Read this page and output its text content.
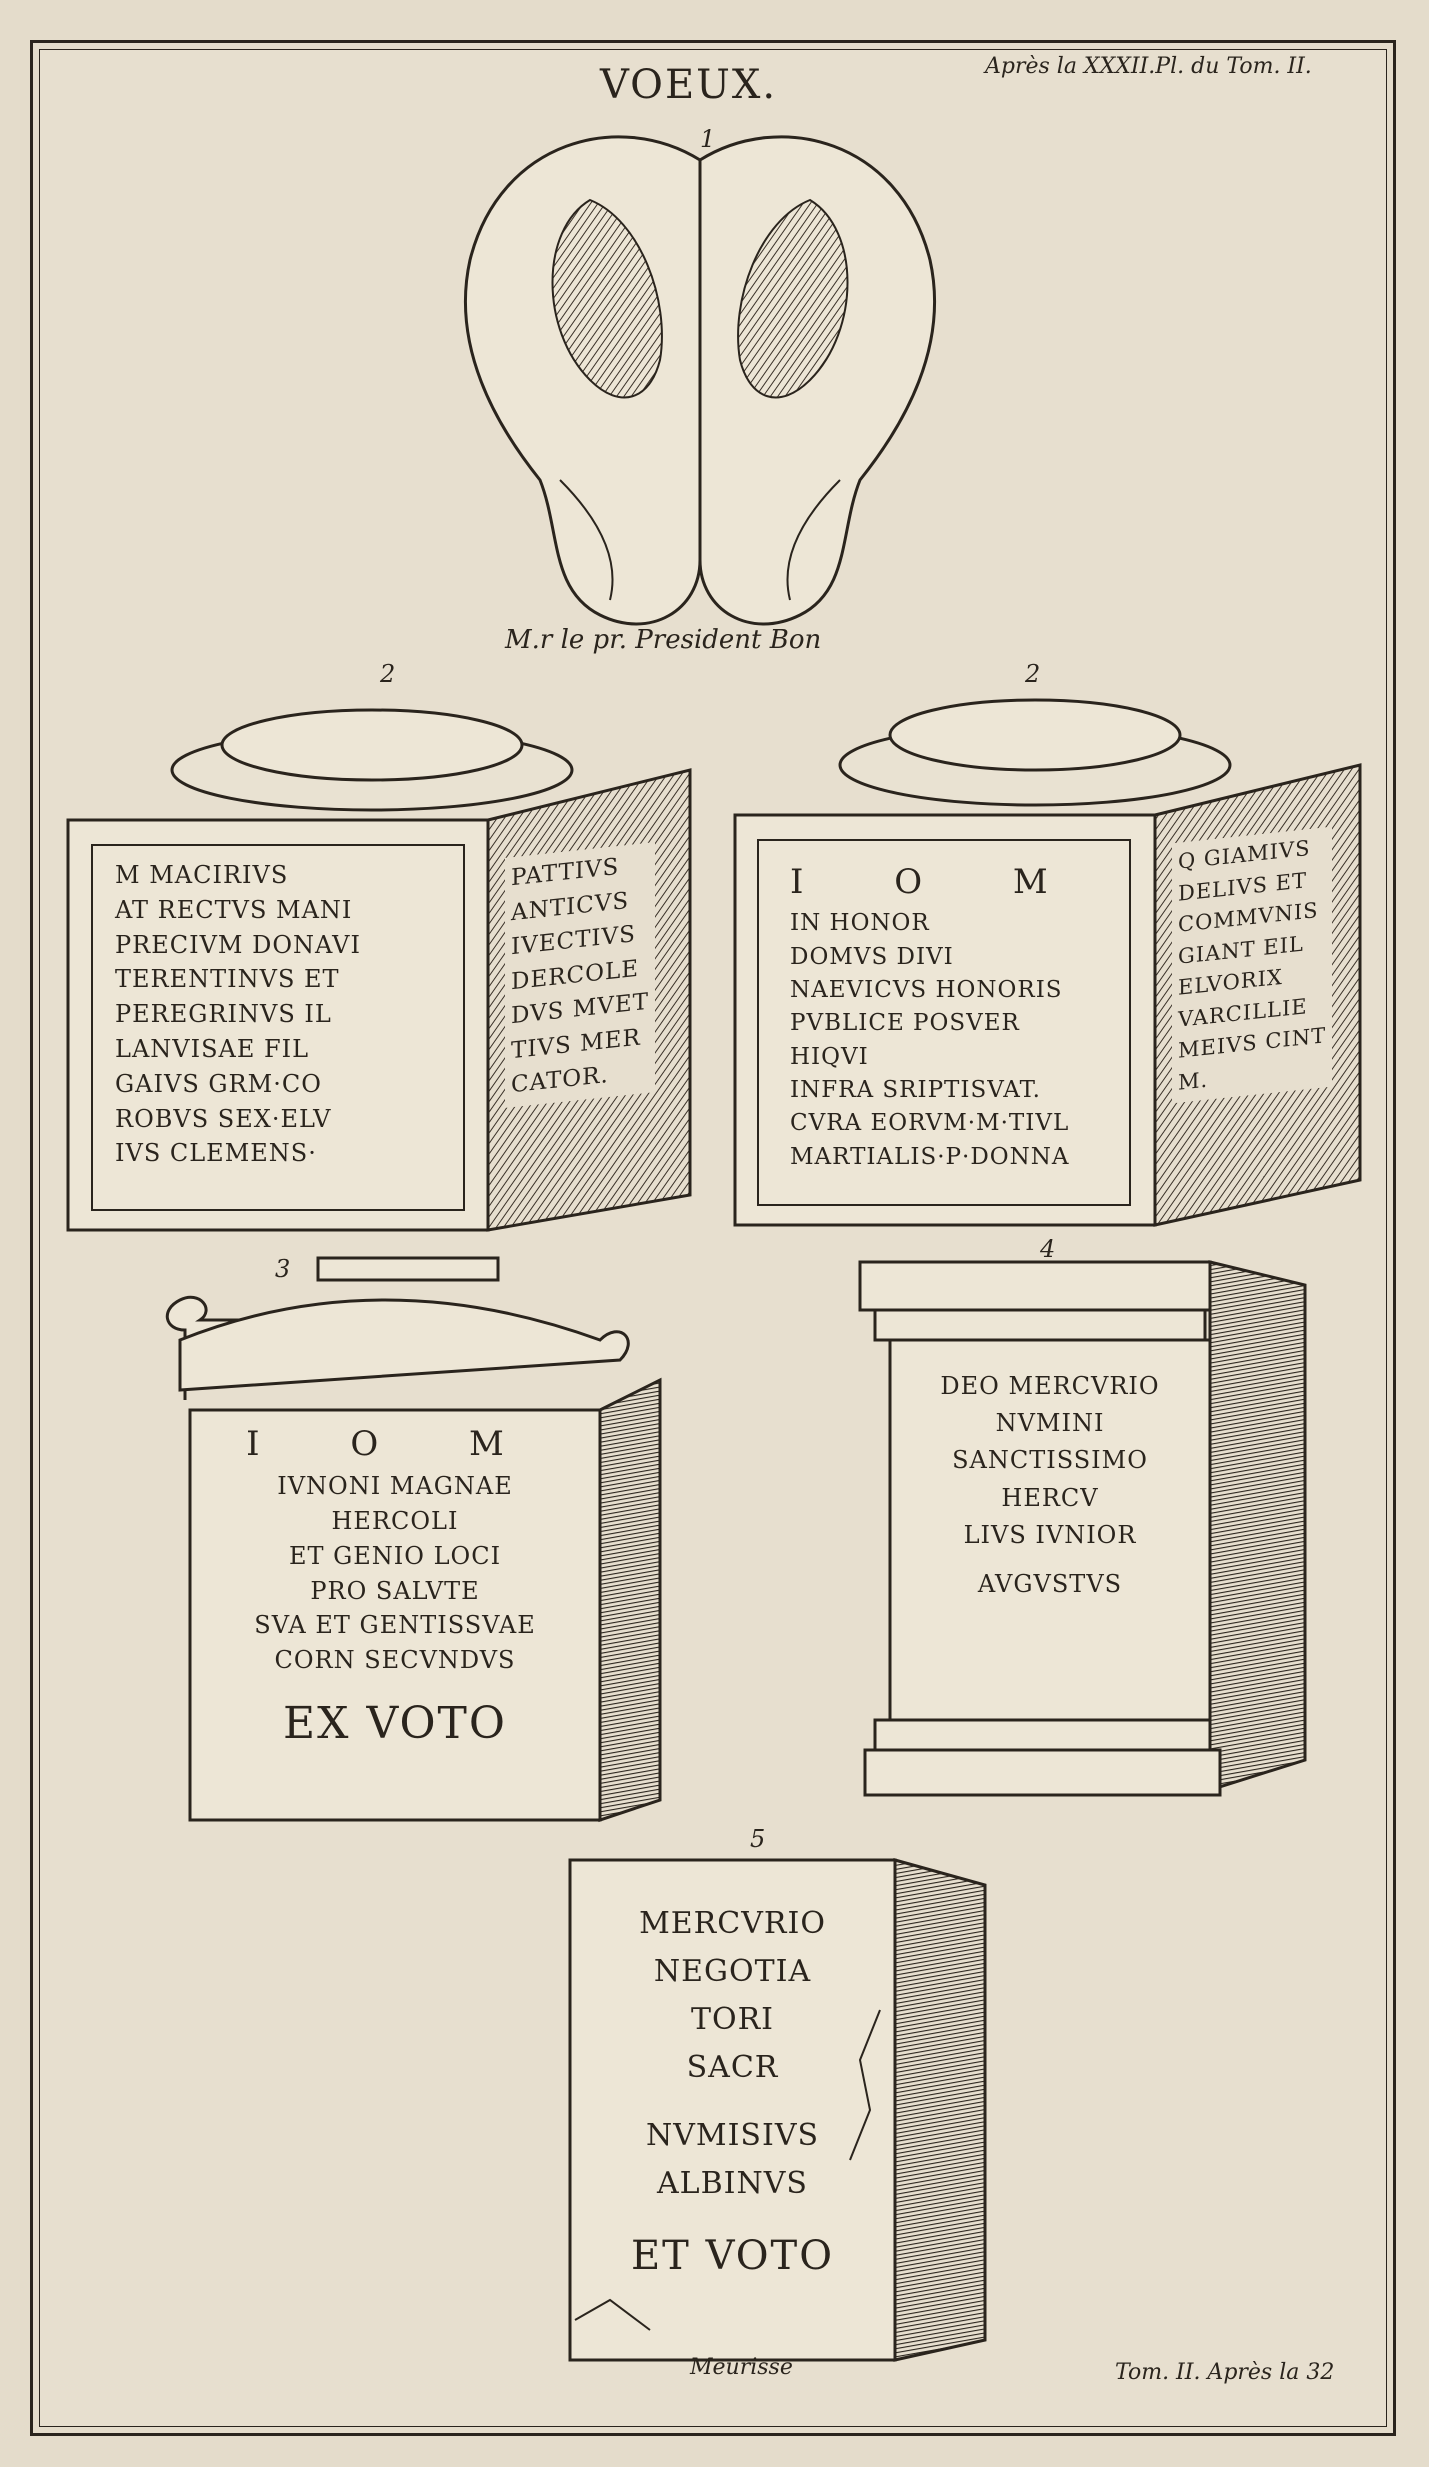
VOEUX.	Après la XXXII.Pl. du Tom. II.
1
2	2
3
4
5
M.r le pr. President Bon
M MACIRIVS
AT RECTVS MANI
PRECIVM DONAVI
TERENTINVS ET
PEREGRINVS IL
LANVISAE FIL
GAIVS GRM·CO
ROBVS SEX·ELV
IVS CLEMENS·
PATTIVS
ANTICVS
IVECTIVS
DERCOLE
DVS MVET
TIVS MER
CATOR.
I O M
IN HONOR
DOMVS DIVI
NAEVICVS HONORIS
PVBLICE POSVER
HIQVI
INFRA SRIPTISVAT.
CVRA EORVM·M·TIVL
MARTIALIS·P·DONNA
Q GIAMIVS
DELIVS ET
COMMVNIS
GIANT EIL
ELVORIX
VARCILLIE
MEIVS CINT
M.
I O M
IVNONI MAGNAE
HERCOLI
ET GENIO LOCI
PRO SALVTE
SVA ET GENTISSVAE
CORN SECVNDVS
EX VOTO
DEO MERCVRIO
NVMINI
SANCTISSIMO
HERCV
LIVS IVNIOR
AVGVSTVS
MERCVRIO
NEGOTIA
TORI
SACR
NVMISIVS
ALBINVS
ET VOTO
Meurisse	Tom. II. Après la 32
